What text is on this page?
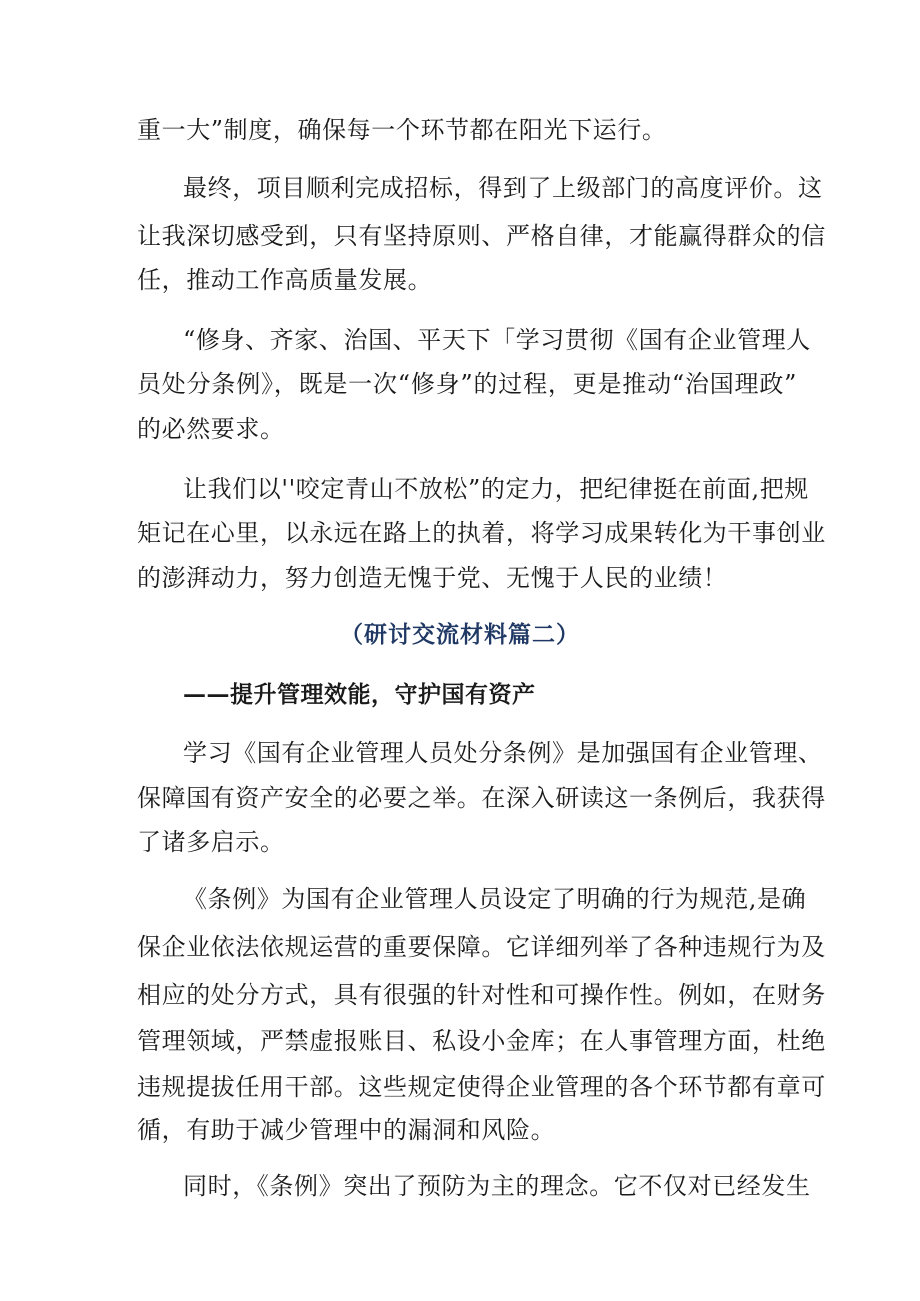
重一大”制度，确保每一个环节都在阳光下运行。
最终，项目顺利完成招标，得到了上级部门的高度评价。这
让我深切感受到，只有坚持原则、严格自律，才能赢得群众的信
任，推动工作高质量发展。
“修身、齐家、治国、平天下「学习贯彻《国有企业管理人
员处分条例》，既是一次“修身”的过程，更是推动“治国理政”
的必然要求。
让我们以''咬定青山不放松”的定力，把纪律挺在前面,把规
矩记在心里，以永远在路上的执着，将学习成果转化为干事创业
的澎湃动力，努力创造无愧于党、无愧于人民的业绩！
（研讨交流材料篇二）
——提升管理效能，守护国有资产
学习《国有企业管理人员处分条例》是加强国有企业管理、
保障国有资产安全的必要之举。在深入研读这一条例后，我获得
了诸多启示。
《条例》为国有企业管理人员设定了明确的行为规范,是确
保企业依法依规运营的重要保障。它详细列举了各种违规行为及
相应的处分方式，具有很强的针对性和可操作性。例如，在财务
管理领域，严禁虚报账目、私设小金库；在人事管理方面，杜绝
违规提拔任用干部。这些规定使得企业管理的各个环节都有章可
循，有助于减少管理中的漏洞和风险。
同时，《条例》突出了预防为主的理念。它不仅对已经发生
